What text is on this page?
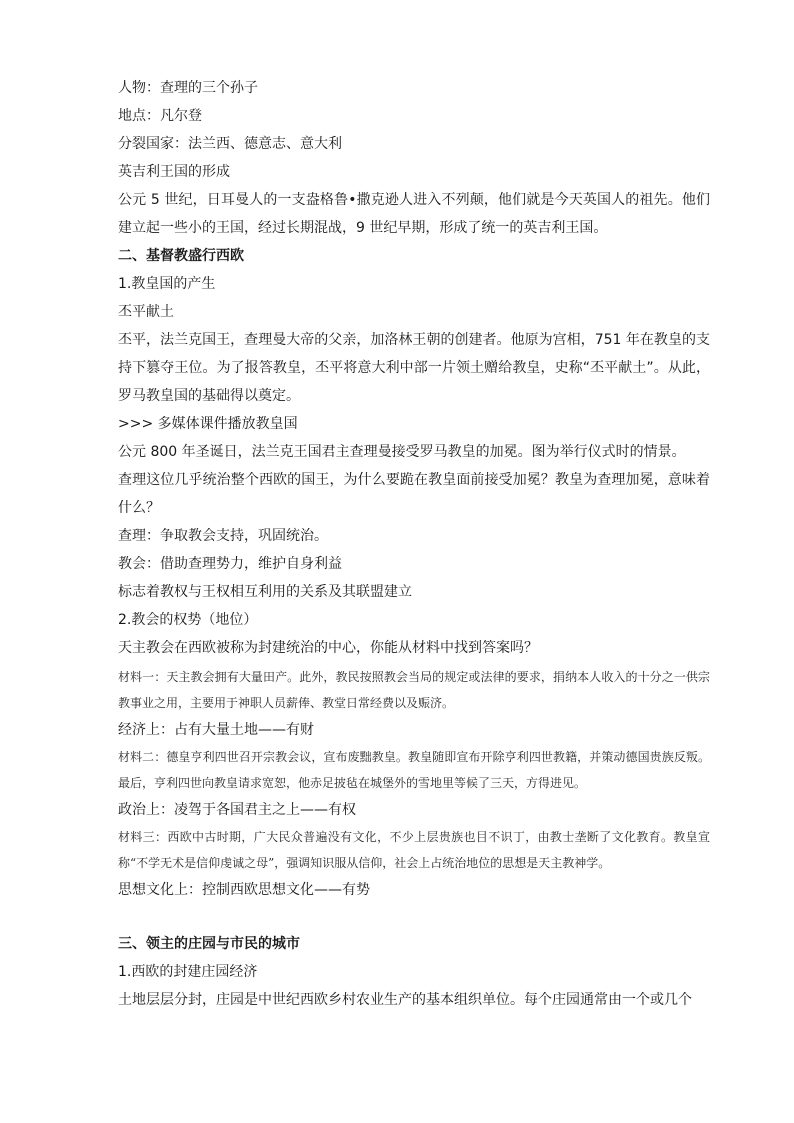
人物：查理的三个孙子
地点：凡尔登
分裂国家：法兰西、德意志、意大利
英吉利王国的形成
公元 5 世纪，日耳曼人的一支盎格鲁•撒克逊人进入不列颠，他们就是今天英国人的祖先。他们建立起一些小的王国，经过长期混战，9 世纪早期，形成了统一的英吉利王国。
二、基督教盛行西欧
1.教皇国的产生
丕平献土
丕平，法兰克国王，查理曼大帝的父亲，加洛林王朝的创建者。他原为宫相，751 年在教皇的支持下篡夺王位。为了报答教皇，丕平将意大利中部一片领土赠给教皇，史称“丕平献土”。从此，罗马教皇国的基础得以奠定。
>>> 多媒体课件播放教皇国
公元 800 年圣诞日，法兰克王国君主查理曼接受罗马教皇的加冕。图为举行仪式时的情景。
查理这位几乎统治整个西欧的国王，为什么要跪在教皇面前接受加冕？教皇为查理加冕，意味着什么？
查理：争取教会支持，巩固统治。
教会：借助查理势力，维护自身利益
标志着教权与王权相互利用的关系及其联盟建立
2.教会的权势（地位）
天主教会在西欧被称为封建统治的中心，你能从材料中找到答案吗？
材料一：天主教会拥有大量田产。此外，教民按照教会当局的规定或法律的要求，捐纳本人收入的十分之一供宗教事业之用，主要用于神职人员薪俸、教堂日常经费以及赈济。
经济上：占有大量土地——有财
材料二：德皇亨利四世召开宗教会议，宣布废黜教皇。教皇随即宣布开除亨利四世教籍，并策动德国贵族反叛。最后，亨利四世向教皇请求宽恕，他赤足披毡在城堡外的雪地里等候了三天，方得进见。
政治上：凌驾于各国君主之上——有权
材料三：西欧中古时期，广大民众普遍没有文化，不少上层贵族也目不识丁，由教士垄断了文化教育。教皇宣称“不学无术是信仰虔诚之母”，强调知识服从信仰，社会上占统治地位的思想是天主教神学。
思想文化上：控制西欧思想文化——有势
三、领主的庄园与市民的城市
1.西欧的封建庄园经济
土地层层分封，庄园是中世纪西欧乡村农业生产的基本组织单位。每个庄园通常由一个或几个
